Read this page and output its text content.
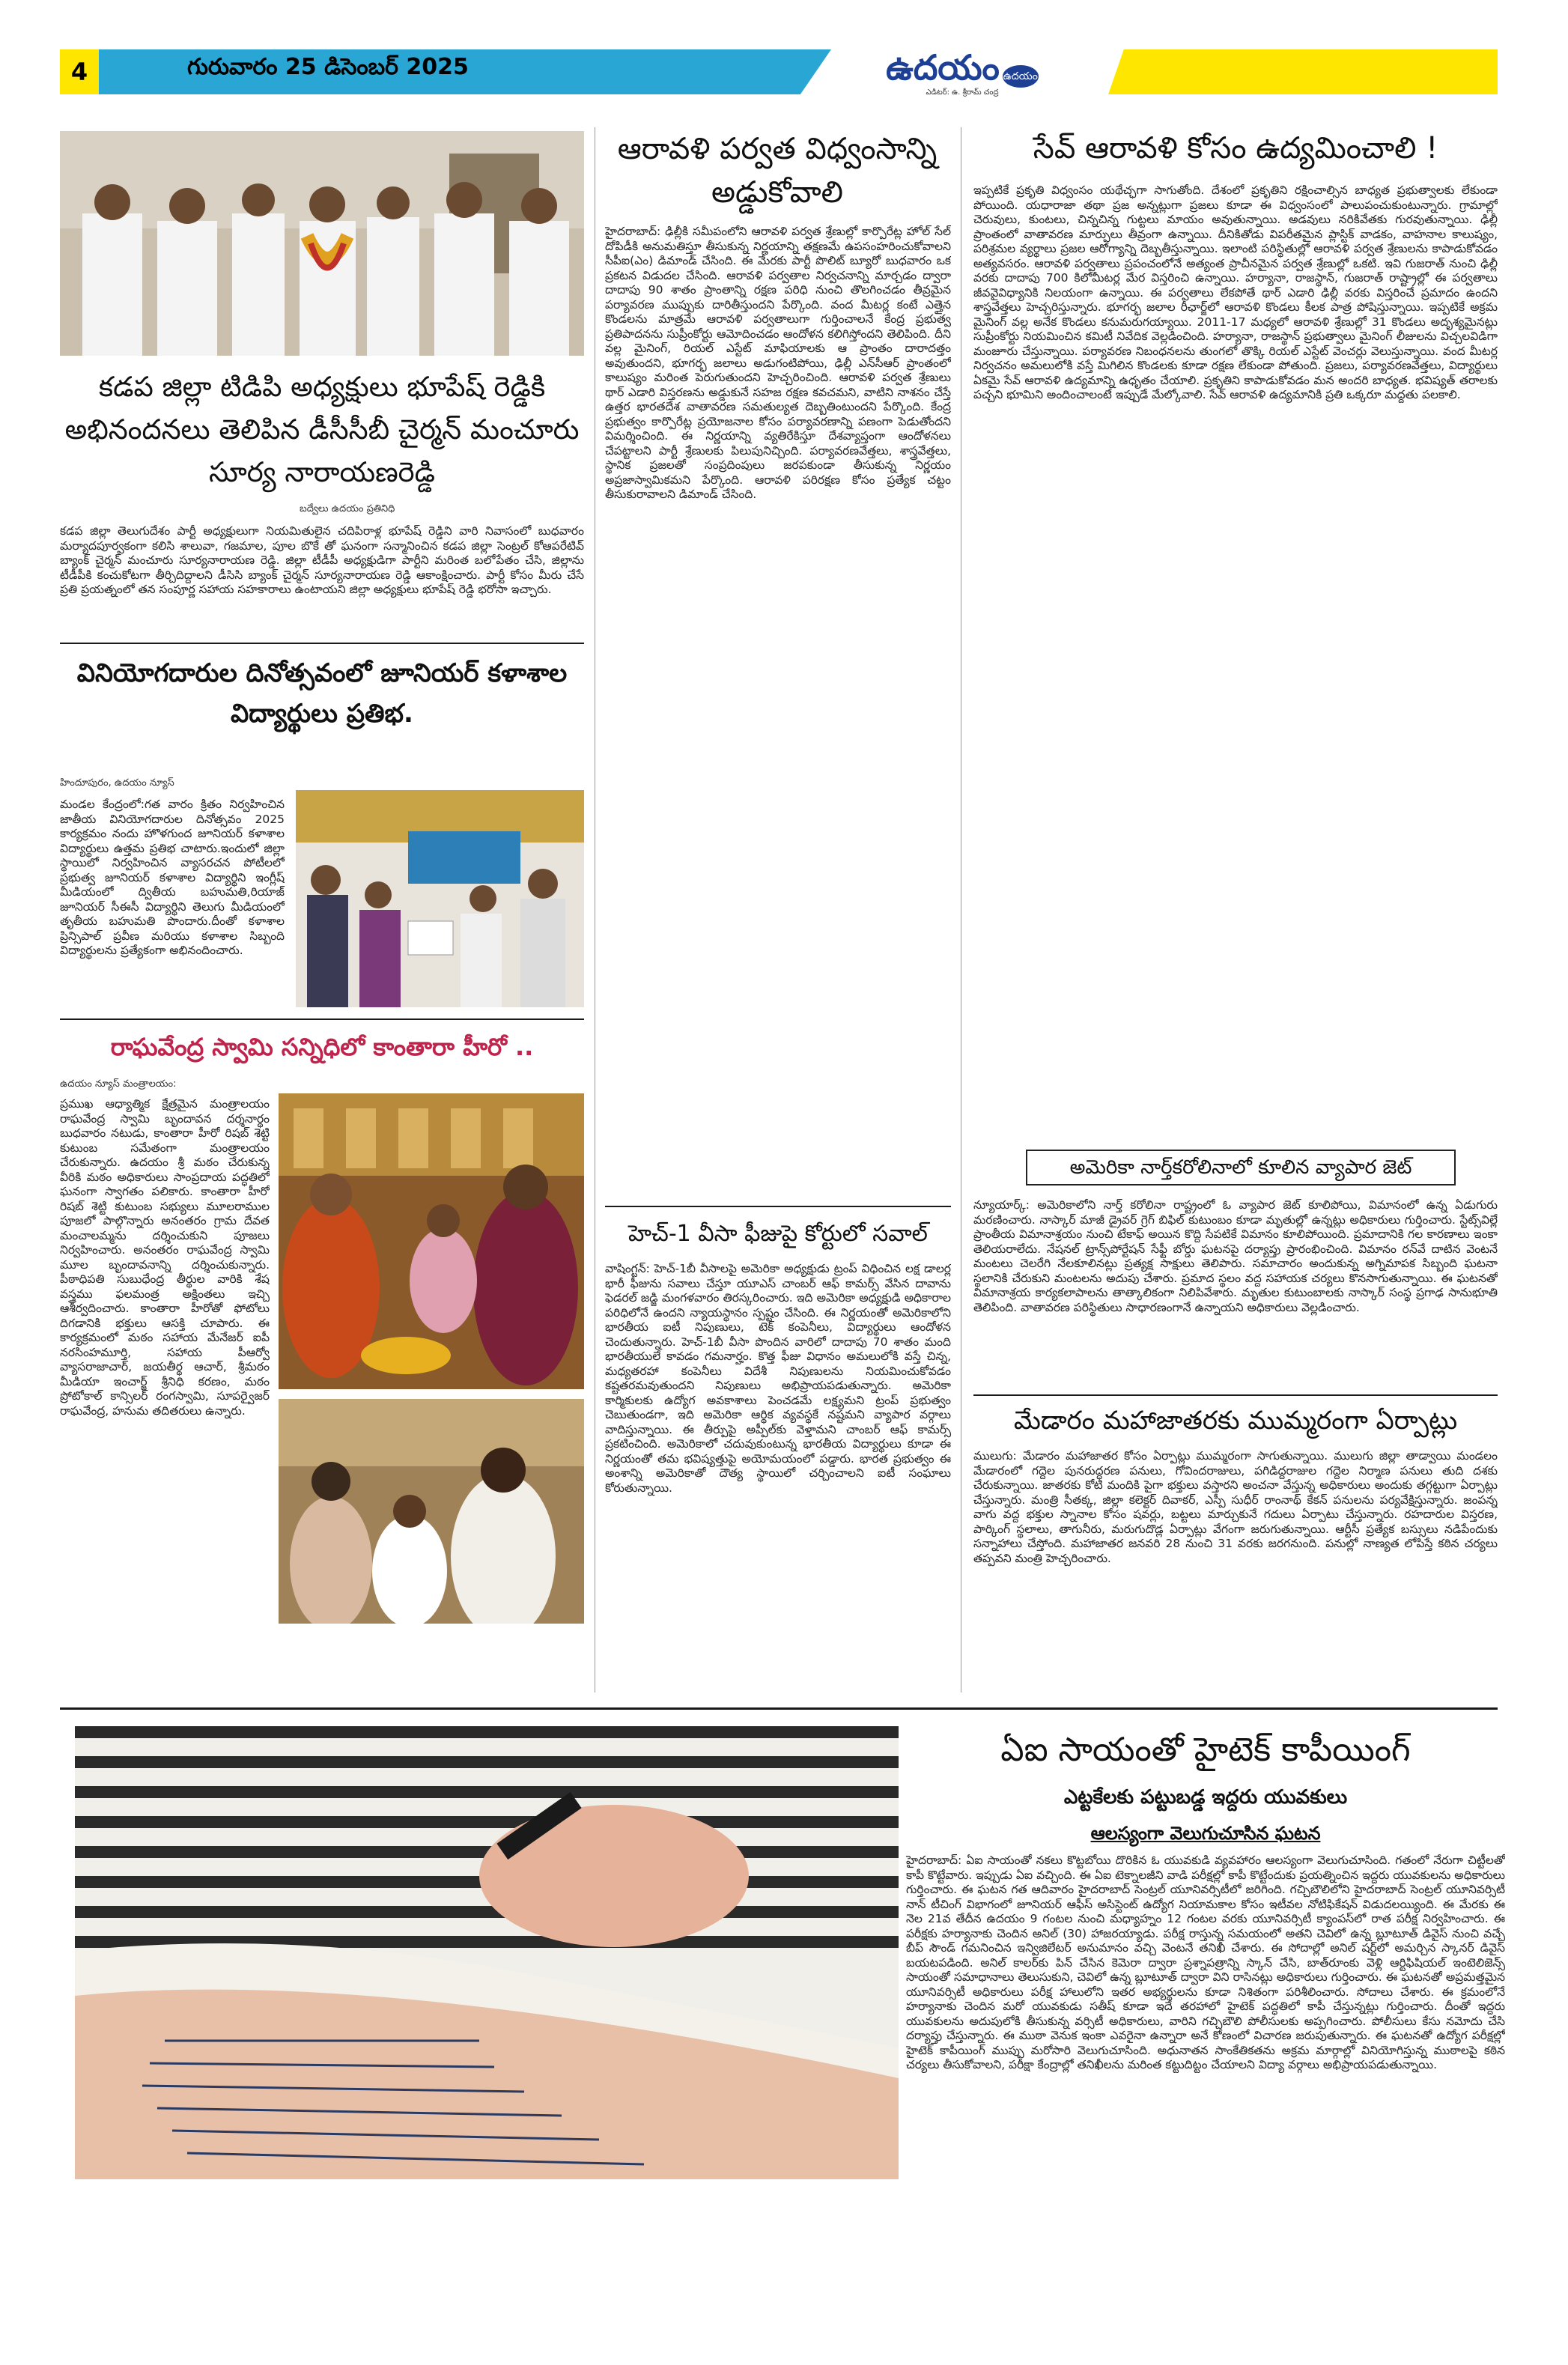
4	గురువారం 25 డిసెంబర్ 2025	ఉదయం ఉదయం
ఎడిటర్: ఉ. శ్రీరామ్ చంద్ర
కడప జిల్లా టిడిపి అధ్యక్షులు భూపేష్ రెడ్డికి అభినందనలు తెలిపిన డీసీసీబీ చైర్మన్ మంచూరు సూర్య నారాయణరెడ్డి
బద్వేలు ఉదయం ప్రతినిధి
కడప జిల్లా తెలుగుదేశం పార్టీ అధ్యక్షులుగా నియమితులైన చదిపిరాళ్ల భూపేష్ రెడ్డిని వారి నివాసంలో బుధవారం మర్యాదపూర్వకంగా కలిసి శాలువా, గజమాల, పూల బొకే తో ఘనంగా సన్మానించిన కడప జిల్లా సెంట్రల్ కోఆపరేటివ్ బ్యాంక్ చైర్మన్ మంచూరు సూర్యనారాయణ రెడ్డి. జిల్లా టీడీపీ అధ్యక్షుడిగా పార్టీని మరింత బలోపేతం చేసి, జిల్లాను టీడీపీకి కంచుకోటగా తీర్చిదిద్దాలని డీసిసి బ్యాంక్ చైర్మన్ సూర్యనారాయణ రెడ్డి ఆకాంక్షించారు. పార్టీ కోసం మీరు చేసే ప్రతి ప్రయత్నంలో తన సంపూర్ణ సహాయ సహకారాలు ఉంటాయని జిల్లా అధ్యక్షులు భూపేష్ రెడ్డి భరోసా ఇచ్చారు.
వినియోగదారుల దినోత్సవంలో జూనియర్ కళాశాల విద్యార్థులు ప్రతిభ.
హిందూపురం, ఉదయం న్యూస్
మండల కేంద్రంలో:గత వారం క్రితం నిర్వహించిన జాతీయ వినియోగదారుల దినోత్సవం 2025 కార్యక్రమం నందు హొళగుంద జూనియర్ కళాశాల విద్యార్థులు ఉత్తమ ప్రతిభ చాటారు.ఇందులో జిల్లా స్థాయిలో నిర్వహించిన వ్యాసరచన పోటీలలో ప్రభుత్వ జూనియర్ కళాశాల విద్యార్థిని ఇంగ్లీష్ మీడియంలో ద్వితీయ బహుమతి,రియాజ్ జూనియర్ సీఈసీ విద్యార్థిని తెలుగు మీడియంలో తృతీయ బహుమతి పొందారు.దీంతో కళాశాల ప్రిన్సిపాల్ ప్రవీణ మరియు కళాశాల సిబ్బంది విద్యార్థులను ప్రత్యేకంగా అభినందించారు.
రాఘవేంద్ర స్వామి సన్నిధిలో కాంతారా హీరో ..
ఉదయం న్యూస్ మంత్రాలయం:
ప్రముఖ ఆధ్యాత్మిక క్షేత్రమైన మంత్రాలయం రాఘవేంద్ర స్వామి బృందావన దర్శనార్థం బుధవారం నటుడు, కాంతారా హీరో రిషబ్ శెట్టి కుటుంబ సమేతంగా మంత్రాలయం చేరుకున్నారు. ఉదయం శ్రీ మఠం చేరుకున్న వీరికి మఠం అధికారులు సాంప్రదాయ పద్ధతిలో ఘనంగా స్వాగతం పలికారు. కాంతారా హీరో రిషబ్ శెట్టి కుటుంబ సభ్యులు మూలరాముల పూజలో పాల్గొన్నారు అనంతరం గ్రామ దేవత మంచాలమ్మను దర్శించుకుని పూజలు నిర్వహించారు. అనంతరం రాఘవేంద్ర స్వామి మూల బృందావనాన్ని దర్శించుకున్నారు. పీఠాధిపతి సుబుధేంద్ర తీర్థుల వారికి శేష వస్త్రము ఫలమంత్ర అక్షింతలు ఇచ్చి ఆశీర్వదించారు. కాంతారా హీరోతో ఫోటోలు దిగడానికి భక్తులు ఆసక్తి చూపారు. ఈ కార్యక్రమంలో మఠం సహాయ మేనేజర్ ఐపీ నరసింహమూర్తి, సహాయ పీఆర్వో వ్యాసరాజాచార్, జయతీర్థ ఆచార్, శ్రీమఠం మీడియా ఇంచార్జ్ శ్రీనిధి కరణం, మఠం ప్రోటోకాల్ కాన్సిలర్ రంగస్వామి, సూపర్వైజర్ రాఘవేంద్ర, హనుమ తదితరులు ఉన్నారు.
ఆరావళి పర్వత విధ్వంసాన్ని అడ్డుకోవాలి
హైదరాబాద్: ఢిల్లీకి సమీపంలోని ఆరావళి పర్వత శ్రేణుల్లో కార్పొరేట్ల హోల్ సేల్ దోపిడీకి అనుమతిస్తూ తీసుకున్న నిర్ణయాన్ని తక్షణమే ఉపసంహరించుకోవాలని సీపీఐ(ఎం) డిమాండ్ చేసింది. ఈ మేరకు పార్టీ పొలిట్ బ్యూరో బుధవారం ఒక ప్రకటన విడుదల చేసింది. ఆరావళి పర్వతాల నిర్వచనాన్ని మార్చడం ద్వారా దాదాపు 90 శాతం ప్రాంతాన్ని రక్షణ పరిధి నుంచి తొలగించడం తీవ్రమైన పర్యావరణ ముప్పుకు దారితీస్తుందని పేర్కొంది. వంద మీటర్ల కంటే ఎత్తైన కొండలను మాత్రమే ఆరావళి పర్వతాలుగా గుర్తించాలనే కేంద్ర ప్రభుత్వ ప్రతిపాదనను సుప్రీంకోర్టు ఆమోదించడం ఆందోళన కలిగిస్తోందని తెలిపింది. దీని వల్ల మైనింగ్, రియల్ ఎస్టేట్ మాఫియాలకు ఆ ప్రాంతం దారాదత్తం అవుతుందని, భూగర్భ జలాలు అడుగంటిపోయి, ఢిల్లీ ఎన్‌సీఆర్ ప్రాంతంలో కాలుష్యం మరింత పెరుగుతుందని హెచ్చరించింది. ఆరావళి పర్వత శ్రేణులు థార్ ఎడారి విస్తరణను అడ్డుకునే సహజ రక్షణ కవచమని, వాటిని నాశనం చేస్తే ఉత్తర భారతదేశ వాతావరణ సమతుల్యత దెబ్బతింటుందని పేర్కొంది. కేంద్ర ప్రభుత్వం కార్పొరేట్ల ప్రయోజనాల కోసం పర్యావరణాన్ని పణంగా పెడుతోందని విమర్శించింది. ఈ నిర్ణయాన్ని వ్యతిరేకిస్తూ దేశవ్యాప్తంగా ఆందోళనలు చేపట్టాలని పార్టీ శ్రేణులకు పిలుపునిచ్చింది. పర్యావరణవేత్తలు, శాస్త్రవేత్తలు, స్థానిక ప్రజలతో సంప్రదింపులు జరపకుండా తీసుకున్న నిర్ణయం అప్రజాస్వామికమని పేర్కొంది. ఆరావళి పరిరక్షణ కోసం ప్రత్యేక చట్టం తీసుకురావాలని డిమాండ్ చేసింది.
హెచ్-1 వీసా ఫీజుపై కోర్టులో సవాల్
వాషింగ్టన్: హెచ్-1బీ వీసాలపై అమెరికా అధ్యక్షుడు ట్రంప్ విధించిన లక్ష డాలర్ల భారీ ఫీజును సవాలు చేస్తూ యూఎస్ చాంబర్ ఆఫ్ కామర్స్ వేసిన దావాను ఫెడరల్ జడ్జి మంగళవారం తిరస్కరించారు. ఇది అమెరికా అధ్యక్షుడి అధికారాల పరిధిలోనే ఉందని న్యాయస్థానం స్పష్టం చేసింది. ఈ నిర్ణయంతో అమెరికాలోని భారతీయ ఐటీ నిపుణులు, టెక్ కంపెనీలు, విద్యార్థులు ఆందోళన చెందుతున్నారు. హెచ్-1బీ వీసా పొందిన వారిలో దాదాపు 70 శాతం మంది భారతీయులే కావడం గమనార్హం. కొత్త ఫీజు విధానం అమలులోకి వస్తే చిన్న, మధ్యతరహా కంపెనీలు విదేశీ నిపుణులను నియమించుకోవడం కష్టతరమవుతుందని నిపుణులు అభిప్రాయపడుతున్నారు. అమెరికా కార్మికులకు ఉద్యోగ అవకాశాలు పెంచడమే లక్ష్యమని ట్రంప్ ప్రభుత్వం చెబుతుండగా, ఇది అమెరికా ఆర్థిక వ్యవస్థకే నష్టమని వ్యాపార వర్గాలు వాదిస్తున్నాయి. ఈ తీర్పుపై అప్పీల్‌కు వెళ్తామని చాంబర్ ఆఫ్ కామర్స్ ప్రకటించింది. అమెరికాలో చదువుకుంటున్న భారతీయ విద్యార్థులు కూడా ఈ నిర్ణయంతో తమ భవిష్యత్తుపై అయోమయంలో పడ్డారు. భారత ప్రభుత్వం ఈ అంశాన్ని అమెరికాతో దౌత్య స్థాయిలో చర్చించాలని ఐటీ సంఘాలు కోరుతున్నాయి.
సేవ్ ఆరావళి కోసం ఉద్యమించాలి !
ఇప్పటికే ప్రకృతి విధ్వంసం యథేచ్ఛగా సాగుతోంది. దేశంలో ప్రకృతిని రక్షించాల్సిన బాధ్యత ప్రభుత్వాలకు లేకుండా పోయింది. యధారాజా తథా ప్రజ అన్నట్లుగా ప్రజలు కూడా ఈ విధ్వంసంలో పాలుపంచుకుంటున్నారు. గ్రామాల్లో చెరువులు, కుంటలు, చిన్నచిన్న గుట్టలు మాయం అవుతున్నాయి. అడవులు నరికివేతకు గురవుతున్నాయి. ఢిల్లీ ప్రాంతంలో వాతావరణ మార్పులు తీవ్రంగా ఉన్నాయి. దీనికితోడు విపరీతమైన ప్లాస్టిక్ వాడకం, వాహనాల కాలుష్యం, పరిశ్రమల వ్యర్థాలు ప్రజల ఆరోగ్యాన్ని దెబ్బతీస్తున్నాయి. ఇలాంటి పరిస్థితుల్లో ఆరావళి పర్వత శ్రేణులను కాపాడుకోవడం అత్యవసరం. ఆరావళి పర్వతాలు ప్రపంచంలోనే అత్యంత ప్రాచీనమైన పర్వత శ్రేణుల్లో ఒకటి. ఇవి గుజరాత్ నుంచి ఢిల్లీ వరకు దాదాపు 700 కిలోమీటర్ల మేర విస్తరించి ఉన్నాయి. హర్యానా, రాజస్థాన్, గుజరాత్ రాష్ట్రాల్లో ఈ పర్వతాలు జీవవైవిధ్యానికి నిలయంగా ఉన్నాయి. ఈ పర్వతాలు లేకపోతే థార్ ఎడారి ఢిల్లీ వరకు విస్తరించే ప్రమాదం ఉందని శాస్త్రవేత్తలు హెచ్చరిస్తున్నారు. భూగర్భ జలాల రీఛార్జ్‌లో ఆరావళి కొండలు కీలక పాత్ర పోషిస్తున్నాయి. ఇప్పటికే అక్రమ మైనింగ్ వల్ల అనేక కొండలు కనుమరుగయ్యాయి. 2011-17 మధ్యలో ఆరావళి శ్రేణుల్లో 31 కొండలు అదృశ్యమైనట్లు సుప్రీంకోర్టు నియమించిన కమిటీ నివేదిక వెల్లడించింది. హర్యానా, రాజస్థాన్ ప్రభుత్వాలు మైనింగ్ లీజులను విచ్చలవిడిగా మంజూరు చేస్తున్నాయి. పర్యావరణ నిబంధనలను తుంగలో తొక్కి రియల్ ఎస్టేట్ వెంచర్లు వెలుస్తున్నాయి. వంద మీటర్ల నిర్వచనం అమలులోకి వస్తే మిగిలిన కొండలకు కూడా రక్షణ లేకుండా పోతుంది. ప్రజలు, పర్యావరణవేత్తలు, విద్యార్థులు ఏకమై సేవ్ ఆరావళి ఉద్యమాన్ని ఉధృతం చేయాలి. ప్రకృతిని కాపాడుకోవడం మన అందరి బాధ్యత. భవిష్యత్ తరాలకు పచ్చని భూమిని అందించాలంటే ఇప్పుడే మేల్కోవాలి. సేవ్ ఆరావళి ఉద్యమానికి ప్రతి ఒక్కరూ మద్దతు పలకాలి.
అమెరికా నార్త్‌కరోలినాలో కూలిన వ్యాపార జెట్
న్యూయార్క్: అమెరికాలోని నార్త్ కరోలినా రాష్ట్రంలో ఓ వ్యాపార జెట్ కూలిపోయి, విమానంలో ఉన్న ఏడుగురు మరణించారు. నాస్కార్ మాజీ డ్రైవర్ గ్రెగ్ బిఫిల్ కుటుంబం కూడా మృతుల్లో ఉన్నట్లు అధికారులు గుర్తించారు. స్టేట్స్‌విల్లే ప్రాంతీయ విమానాశ్రయం నుంచి టేకాఫ్ అయిన కొద్ది సేపటికే విమానం కూలిపోయింది. ప్రమాదానికి గల కారణాలు ఇంకా తెలియరాలేదు. నేషనల్ ట్రాన్స్‌పోర్టేషన్ సేఫ్టీ బోర్డు ఘటనపై దర్యాప్తు ప్రారంభించింది. విమానం రన్‌వే దాటిన వెంటనే మంటలు చెలరేగి నేలకూలినట్లు ప్రత్యక్ష సాక్షులు తెలిపారు. సమాచారం అందుకున్న అగ్నిమాపక సిబ్బంది ఘటనా స్థలానికి చేరుకుని మంటలను అదుపు చేశారు. ప్రమాద స్థలం వద్ద సహాయక చర్యలు కొనసాగుతున్నాయి. ఈ ఘటనతో విమానాశ్రయ కార్యకలాపాలను తాత్కాలికంగా నిలిపివేశారు. మృతుల కుటుంబాలకు నాస్కార్ సంస్థ ప్రగాఢ సానుభూతి తెలిపింది. వాతావరణ పరిస్థితులు సాధారణంగానే ఉన్నాయని అధికారులు వెల్లడించారు.
మేడారం మహాజాతరకు ముమ్మరంగా ఏర్పాట్లు
ములుగు: మేడారం మహాజాతర కోసం ఏర్పాట్లు ముమ్మరంగా సాగుతున్నాయి. ములుగు జిల్లా తాడ్వాయి మండలం మేడారంలో గద్దెల పునరుద్ధరణ పనులు, గోవిందరాజులు, పగిడిద్దరాజుల గద్దెల నిర్మాణ పనులు తుది దశకు చేరుకున్నాయి. జాతరకు కోటి మందికి పైగా భక్తులు వస్తారని అంచనా వేస్తున్న అధికారులు అందుకు తగ్గట్టుగా ఏర్పాట్లు చేస్తున్నారు. మంత్రి సీతక్క, జిల్లా కలెక్టర్ దివాకర్, ఎస్పీ సుధీర్ రాంనాథ్ కేకన్ పనులను పర్యవేక్షిస్తున్నారు. జంపన్న వాగు వద్ద భక్తుల స్నానాల కోసం షవర్లు, బట్టలు మార్చుకునే గదులు ఏర్పాటు చేస్తున్నారు. రహదారుల విస్తరణ, పార్కింగ్ స్థలాలు, తాగునీరు, మరుగుదొడ్ల ఏర్పాట్లు వేగంగా జరుగుతున్నాయి. ఆర్టీసీ ప్రత్యేక బస్సులు నడిపేందుకు సన్నాహాలు చేస్తోంది. మహాజాతర జనవరి 28 నుంచి 31 వరకు జరగనుంది. పనుల్లో నాణ్యత లోపిస్తే కఠిన చర్యలు తప్పవని మంత్రి హెచ్చరించారు.
ఏఐ సాయంతో హైటెక్ కాపీయింగ్
ఎట్టకేలకు పట్టుబడ్డ ఇద్దరు యువకులు
ఆలస్యంగా వెలుగుచూసిన ఘటన
హైదరాబాద్: ఏఐ సాయంతో నకలు కొట్టబోయి దొరికిన ఓ యువకుడి వ్యవహారం ఆలస్యంగా వెలుగుచూసింది. గతంలో నేరుగా చిట్టీలతో కాపీ కొట్టేవారు. ఇప్పుడు ఏఐ వచ్చింది. ఈ ఏఐ టెక్నాలజీని వాడి పరీక్షల్లో కాపీ కొట్టేందుకు ప్రయత్నించిన ఇద్దరు యువకులను అధికారులు గుర్తించారు. ఈ ఘటన గత ఆదివారం హైదరాబాద్ సెంట్రల్ యూనివర్సిటీలో జరిగింది. గచ్చిబౌలిలోని హైదరాబాద్ సెంట్రల్ యూనివర్సిటీ నాన్ టీచింగ్ విభాగంలో జూనియర్ ఆఫీస్ అసిస్టెంట్ ఉద్యోగ నియామకాల కోసం ఇటీవల నోటిఫికేషన్ విడుదలయ్యింది. ఈ మేరకు ఈ నెల 21వ తేదీన ఉదయం 9 గంటల నుంచి మధ్యాహ్నం 12 గంటల వరకు యూనివర్సిటీ క్యాంపస్‌లో రాత పరీక్ష నిర్వహించారు. ఈ పరీక్షకు హర్యానాకు చెందిన అనిల్ (30) హాజరయ్యాడు. పరీక్ష రాస్తున్న సమయంలో అతని చెవిలో ఉన్న బ్లూటూత్ డివైస్ నుంచి వచ్చే బీప్ సౌండ్ గమనించిన ఇన్విజిలేటర్ అనుమానం వచ్చి వెంటనే తనిఖీ చేశారు. ఈ సోదాల్లో అనిల్ షర్ట్‌లో అమర్చిన స్కానర్ డివైస్ బయటపడింది. అనిల్ కాలర్‌కు పిన్ చేసిన కెమెరా ద్వారా ప్రశ్నాపత్రాన్ని స్కాన్ చేసి, బాత్‌రూంకు వెళ్లి ఆర్టిఫిషియల్ ఇంటెలిజెన్స్ సాయంతో సమాధానాలు తెలుసుకుని, చెవిలో ఉన్న బ్లూటూత్ ద్వారా విని రాసినట్లు అధికారులు గుర్తించారు. ఈ ఘటనతో అప్రమత్తమైన యూనివర్సిటీ అధికారులు పరీక్ష హాలులోని ఇతర అభ్యర్థులను కూడా నిశితంగా పరిశీలించారు. సోదాలు చేశారు. ఈ క్రమంలోనే హర్యానాకు చెందిన మరో యువకుడు సతీష్ కూడా ఇదే తరహాలో హైటెక్ పద్ధతిలో కాపీ చేస్తున్నట్లు గుర్తించారు. దీంతో ఇద్దరు యువకులను అదుపులోకి తీసుకున్న వర్సిటీ అధికారులు, వారిని గచ్చిబౌలి పోలీసులకు అప్పగించారు. పోలీసులు కేసు నమోదు చేసి దర్యాప్తు చేస్తున్నారు. ఈ ముఠా వెనుక ఇంకా ఎవరైనా ఉన్నారా అనే కోణంలో విచారణ జరుపుతున్నారు. ఈ ఘటనతో ఉద్యోగ పరీక్షల్లో హైటెక్ కాపీయింగ్ ముప్పు మరోసారి వెలుగుచూసింది. అధునాతన సాంకేతికతను అక్రమ మార్గాల్లో వినియోగిస్తున్న ముఠాలపై కఠిన చర్యలు తీసుకోవాలని, పరీక్షా కేంద్రాల్లో తనిఖీలను మరింత కట్టుదిట్టం చేయాలని విద్యా వర్గాలు అభిప్రాయపడుతున్నాయి.
